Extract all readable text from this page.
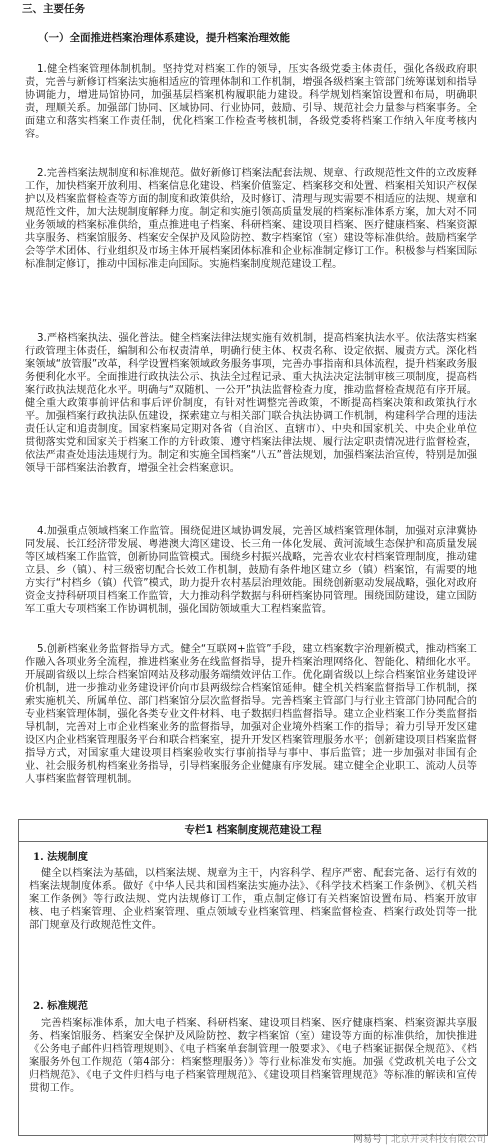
三、主要任务
（一）全面推进档案治理体系建设，提升档案治理效能
1.健全档案管理体制机制。坚持党对档案工作的领导，压实各级党委主体责任，强化各级政府职责，完善与新修订档案法实施相适应的管理体制和工作机制，增强各级档案主管部门统筹谋划和指导协调能力，增进局馆协同，加强基层档案机构履职能力建设。科学规划档案馆设置和布局，明确职责，理顺关系。加强部门协同、区域协同、行业协同，鼓励、引导、规范社会力量参与档案事务。全面建立和落实档案工作责任制，优化档案工作检查考核机制，各级党委将档案工作纳入年度考核内容。
2.完善档案法规制度和标准规范。做好新修订档案法配套法规、规章、行政规范性文件的立改废释工作，加快档案开放利用、档案信息化建设、档案价值鉴定、档案移交和处置、档案相关知识产权保护以及档案监督检查等方面的制度和政策供给，及时修订、清理与现实需要不相适应的法规、规章和规范性文件，加大法规制度解释力度。制定和实施引领高质量发展的档案标准体系方案，加大对不同业务领域的档案标准供给，重点推进电子档案、科研档案、建设项目档案、医疗健康档案、档案资源共享服务、档案馆服务、档案安全保护及风险防控、数字档案馆（室）建设等标准供给。鼓励档案学会等学术团体、行业组织及市场主体开展档案团体标准和企业标准制定修订工作。积极参与档案国际标准制定修订，推动中国标准走向国际。实施档案制度规范建设工程。
3.严格档案执法、强化普法。健全档案法律法规实施有效机制，提高档案执法水平。依法落实档案行政管理主体责任，编制和公布权责清单，明确行使主体、权责名称、设定依据、履责方式。深化档案领域“放管服”改革，科学设置档案领域政务服务事项，完善办事指南和具体流程，提升档案政务服务便利化水平。全面推进行政执法公示、执法全过程记录、重大执法决定法制审核三项制度，提高档案行政执法规范化水平。明确与“双随机、一公开”执法监督检查力度，推动监督检查规范有序开展。健全重大政策事前评估和事后评价制度，有针对性调整完善政策，不断提高档案决策和政策执行水平。加强档案行政执法队伍建设，探索建立与相关部门联合执法协调工作机制，构建科学合理的违法责任认定和追责制度。国家档案局定期对各省（自治区、直辖市）、中央和国家机关、中央企业单位贯彻落实党和国家关于档案工作的方针政策、遵守档案法律法规、履行法定职责情况进行监督检查，依法严肃查处违法违规行为。制定和实施全国档案“八五”普法规划，加强档案法治宣传，特别是加强领导干部档案法治教育，增强全社会档案意识。
4.加强重点领域档案工作监管。围绕促进区域协调发展，完善区域档案管理体制，加强对京津冀协同发展、长江经济带发展、粤港澳大湾区建设、长三角一体化发展、黄河流域生态保护和高质量发展等区域档案工作监管，创新协同监管模式。围绕乡村振兴战略，完善农业农村档案管理制度，推动建立县、乡（镇）、村三级密切配合长效工作机制，鼓励有条件地区建立乡（镇）档案馆，有需要的地方实行“村档乡（镇）代管”模式，助力提升农村基层治理效能。围绕创新驱动发展战略，强化对政府资金支持科研项目档案工作监管，大力推动科学数据与科研档案协同管理。围绕国防建设，建立国防军工重大专项档案工作协调机制，强化国防领域重大工程档案监管。
5.创新档案业务监督指导方式。健全“互联网+监管”手段，建立档案数字治理新模式，推动档案工作融入各项业务全流程，推进档案业务在线监督指导，提升档案治理网络化、智能化、精细化水平。开展副省级以上综合档案馆网站及移动服务端绩效评估工作。优化副省级以上综合档案馆业务建设评价机制，进一步推动业务建设评价向市县两级综合档案馆延伸。健全机关档案监督指导工作机制，探索实施机关、所属单位、部门档案馆分层次监督指导。完善档案主管部门与行业主管部门协同配合的专业档案管理体制，强化各类专业文件材料、电子数据归档监督指导。建立企业档案工作分类监督指导机制，完善对上市企业档案业务的监督指导，加强对企业境外档案工作的指导；着力引导开发区建设区内企业档案管理服务平台和联合档案室，提升开发区档案管理服务水平；创新建设项目档案监督指导方式，对国家重大建设项目档案验收实行事前指导与事中、事后监管；进一步加强对非国有企业、社会服务机构档案业务指导，引导档案服务企业健康有序发展。建立健全企业职工、流动人员等人事档案监督管理机制。
专栏1 档案制度规范建设工程
1. 法规制度
健全以档案法为基础，以档案法规、规章为主干，内容科学、程序严密、配套完备、运行有效的档案法规制度体系。做好《中华人民共和国档案法实施办法》、《科学技术档案工作条例》、《机关档案工作条例》等行政法规、党内法规修订工作，重点制定修订有关档案馆设置布局、档案开放审核、电子档案管理、企业档案管理、重点领域专业档案管理、档案监督检查、档案行政处罚等一批部门规章及行政规范性文件。
2. 标准规范
完善档案标准体系，加大电子档案、科研档案、建设项目档案、医疗健康档案、档案资源共享服务、档案馆服务、档案安全保护及风险防控、数字档案馆（室）建设等方面的标准供给，加快推进《公务电子邮件归档管理规则》、《电子档案单套制管理一般要求》、《电子档案证据保全规范》、《档案服务外包工作规范（第4部分：档案整理服务）》等行业标准发布实施。加强《党政机关电子公文归档规范》、《电子文件归档与电子档案管理规范》、《建设项目档案管理规范》等标准的解读和宣传贯彻工作。
网易号 | 北京开灵科技有限公司
